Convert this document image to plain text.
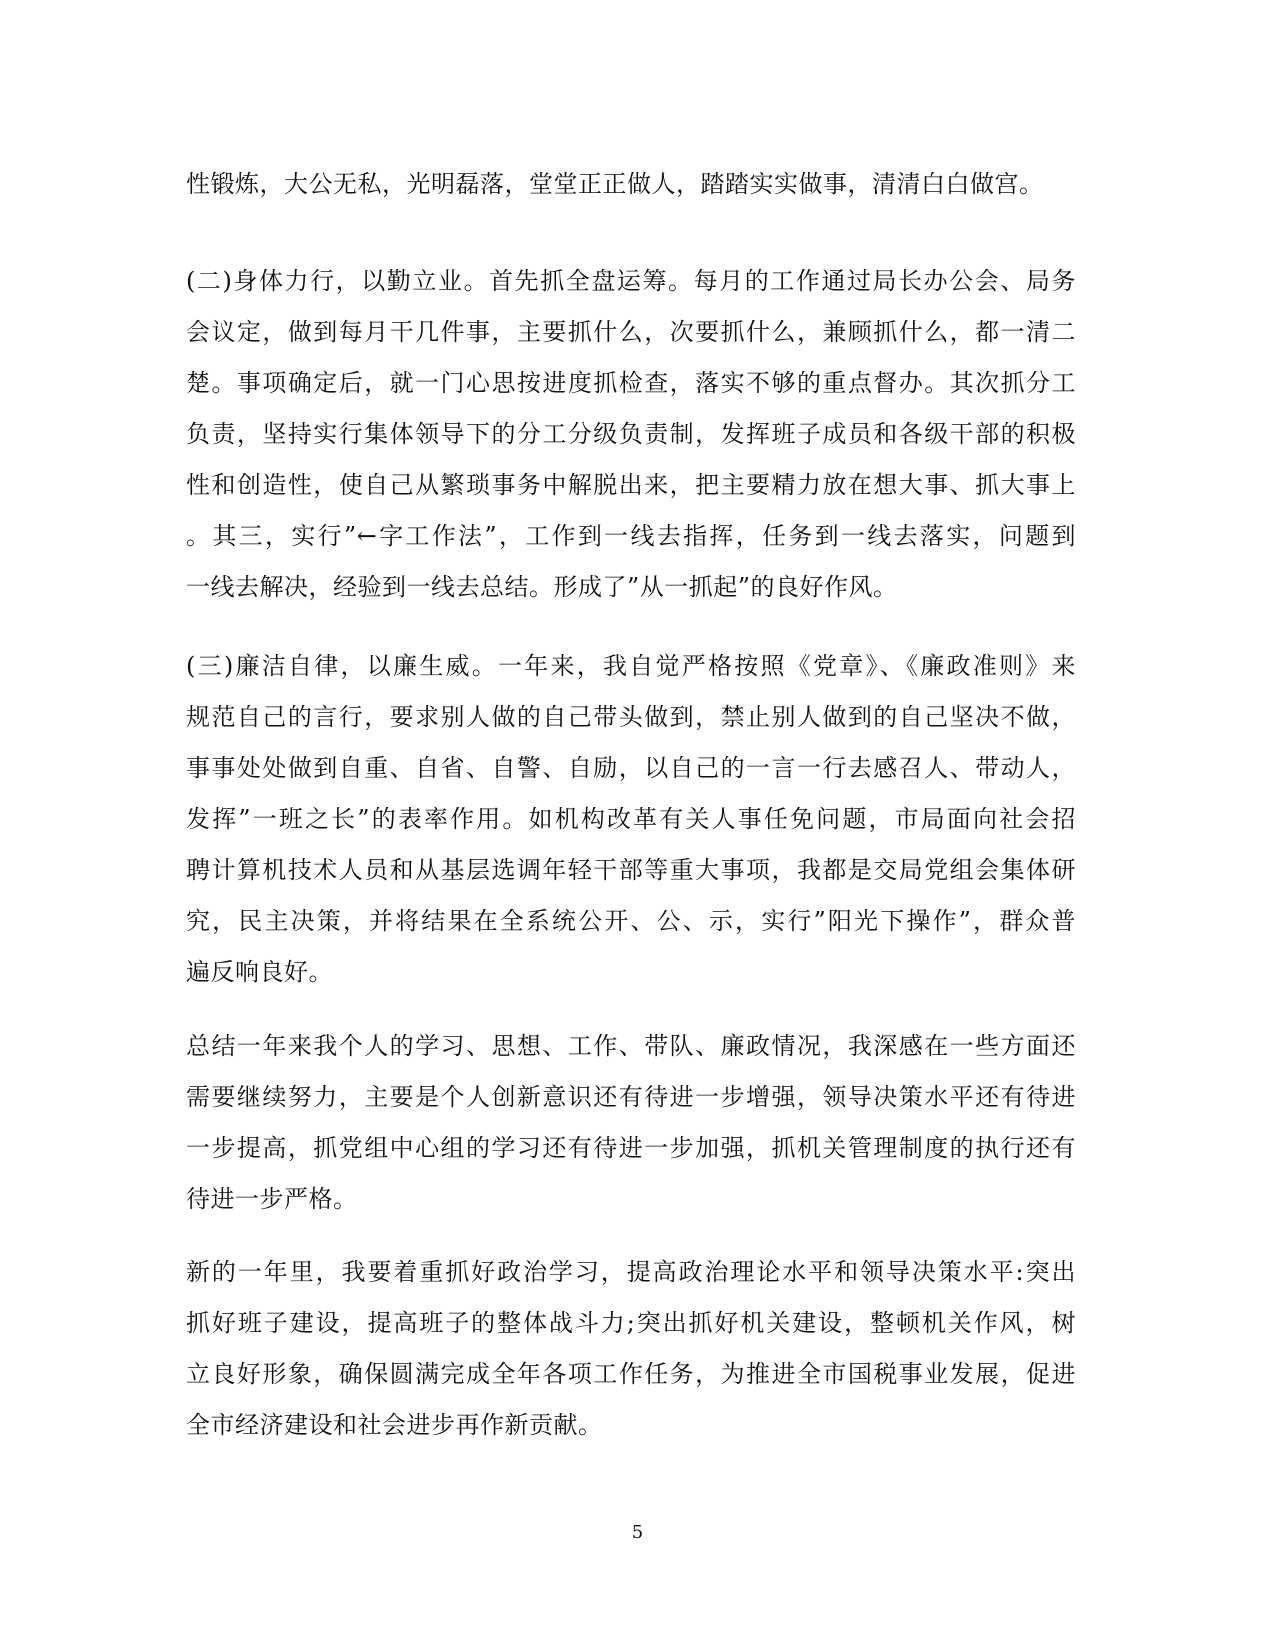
性锻炼，大公无私，光明磊落，堂堂正正做人，踏踏实实做事，清清白白做宫。
(二)身体力行，以勤立业。首先抓全盘运筹。每月的工作通过局长办公会、局务
会议定，做到每月干几件事，主要抓什么，次要抓什么，兼顾抓什么，都一清二
楚。事项确定后，就一门心思按进度抓检查，落实不够的重点督办。其次抓分工
负责，坚持实行集体领导下的分工分级负责制，发挥班子成员和各级干部的积极
性和创造性，使自己从繁琐事务中解脱出来，把主要精力放在想大事、抓大事上
。其三，实行”←字工作法”，工作到一线去指挥，任务到一线去落实，问题到
一线去解决，经验到一线去总结。形成了”从一抓起”的良好作风。
(三)廉洁自律，以廉生威。一年来，我自觉严格按照《党章》、《廉政准则》来
规范自己的言行，要求别人做的自己带头做到，禁止别人做到的自己坚决不做，
事事处处做到自重、自省、自警、自励，以自己的一言一行去感召人、带动人，
发挥”一班之长”的表率作用。如机构改革有关人事任免问题，市局面向社会招
聘计算机技术人员和从基层选调年轻干部等重大事项，我都是交局党组会集体研
究，民主决策，并将结果在全系统公开、公、示，实行”阳光下操作”，群众普
遍反响良好。
总结一年来我个人的学习、思想、工作、带队、廉政情况，我深感在一些方面还
需要继续努力，主要是个人创新意识还有待进一步增强，领导决策水平还有待进
一步提高，抓党组中心组的学习还有待进一步加强，抓机关管理制度的执行还有
待进一步严格。
新的一年里，我要着重抓好政治学习，提高政治理论水平和领导决策水平:突出
抓好班子建设，提高班子的整体战斗力;突出抓好机关建设，整顿机关作风，树
立良好形象，确保圆满完成全年各项工作任务，为推进全市国税事业发展，促进
全市经济建设和社会进步再作新贡献。
5
